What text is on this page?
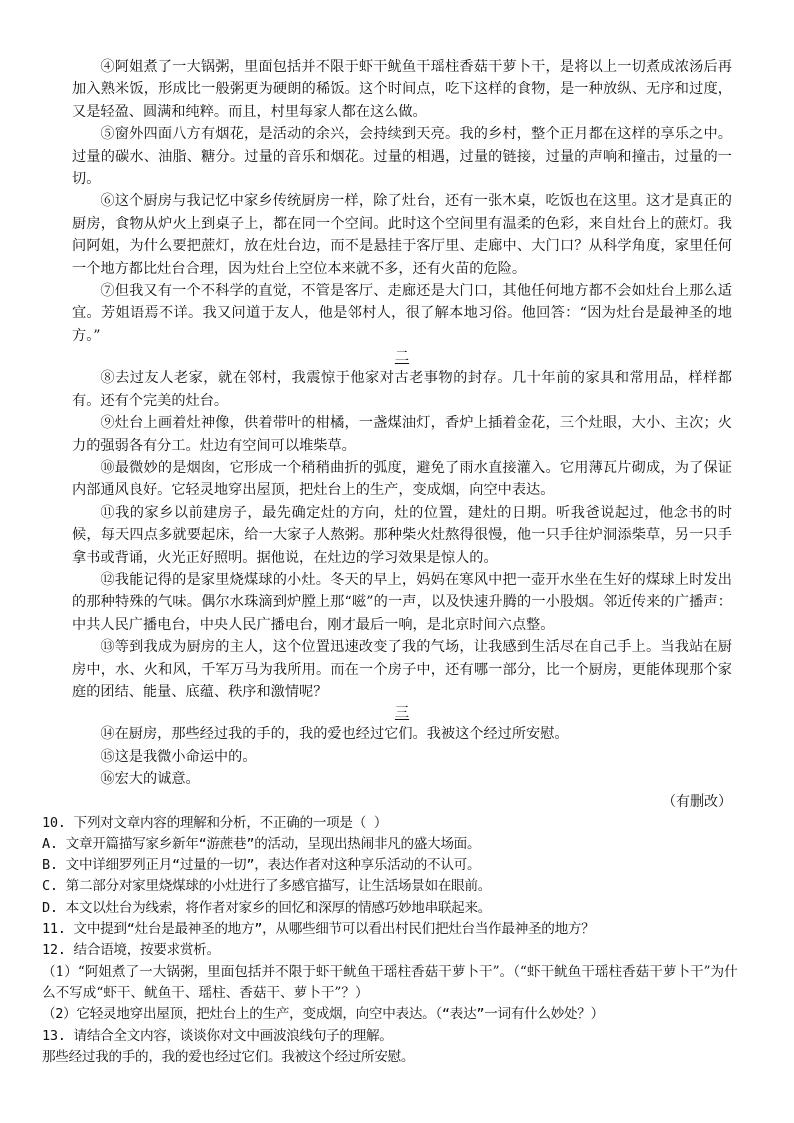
④阿姐煮了一大锅粥，里面包括并不限于虾干鱿鱼干瑶柱香菇干萝卜干，是将以上一切煮成浓汤后再加入熟米饭，形成比一般粥更为硬朗的稀饭。这个时间点，吃下这样的食物，是一种放纵、无序和过度，又是轻盈、圆满和纯粹。而且，村里每家人都在这么做。

⑤窗外四面八方有烟花，是活动的余兴，会持续到天亮。我的乡村，整个正月都在这样的享乐之中。过量的碳水、油脂、糖分。过量的音乐和烟花。过量的相遇，过量的链接，过量的声响和撞击，过量的一切。

⑥这个厨房与我记忆中家乡传统厨房一样，除了灶台，还有一张木桌，吃饭也在这里。这才是真正的厨房，食物从炉火上到桌子上，都在同一个空间。此时这个空间里有温柔的色彩，来自灶台上的蔗灯。我问阿姐，为什么要把蔗灯，放在灶台边，而不是悬挂于客厅里、走廊中、大门口？从科学角度，家里任何一个地方都比灶台合理，因为灶台上空位本来就不多，还有火苗的危险。

⑦但我又有一个不科学的直觉，不管是客厅、走廊还是大门口，其他任何地方都不会如灶台上那么适宜。芳姐语焉不详。我又问道于友人，他是邻村人，很了解本地习俗。他回答：“因为灶台是最神圣的地方。”

二

⑧去过友人老家，就在邻村，我震惊于他家对古老事物的封存。几十年前的家具和常用品，样样都有。还有个完美的灶台。

⑨灶台上画着灶神像，供着带叶的柑橘，一盏煤油灯，香炉上插着金花，三个灶眼，大小、主次；火力的强弱各有分工。灶边有空间可以堆柴草。

⑩最微妙的是烟囱，它形成一个稍稍曲折的弧度，避免了雨水直接灌入。它用薄瓦片砌成，为了保证内部通风良好。它轻灵地穿出屋顶，把灶台上的生产，变成烟，向空中表达。

⑪我的家乡以前建房子，最先确定灶的方向，灶的位置，建灶的日期。听我爸说起过，他念书的时候，每天四点多就要起床，给一大家子人熬粥。那种柴火灶熬得很慢，他一只手往炉洞添柴草，另一只手拿书或背诵，火光正好照明。据他说，在灶边的学习效果是惊人的。

⑫我能记得的是家里烧煤球的小灶。冬天的早上，妈妈在寒风中把一壶开水坐在生好的煤球上时发出的那种特殊的气味。偶尔水珠滴到炉膛上那“嗞”的一声，以及快速升腾的一小股烟。邻近传来的广播声：中共人民广播电台，中央人民广播电台，刚才最后一响，是北京时间六点整。

⑬等到我成为厨房的主人，这个位置迅速改变了我的气场，让我感到生活尽在自己手上。当我站在厨房中，水、火和风，千军万马为我所用。而在一个房子中，还有哪一部分，比一个厨房，更能体现那个家庭的团结、能量、底蕴、秩序和激情呢？

三

⑭在厨房，那些经过我的手的，我的爱也经过它们。我被这个经过所安慰。

⑮这是我微小命运中的。

⑯宏大的诚意。

（有删改）

10. 下列对文章内容的理解和分析，不正确的一项是（ ）

A. 文章开篇描写家乡新年“游蔗巷”的活动，呈现出热闹非凡的盛大场面。

B. 文中详细罗列正月“过量的一切”，表达作者对这种享乐活动的不认可。

C. 第二部分对家里烧煤球的小灶进行了多感官描写，让生活场景如在眼前。

D. 本文以灶台为线索，将作者对家乡的回忆和深厚的情感巧妙地串联起来。

11. 文中提到“灶台是最神圣的地方”，从哪些细节可以看出村民们把灶台当作最神圣的地方？

12. 结合语境，按要求赏析。

（1）“阿姐煮了一大锅粥，里面包括并不限于虾干鱿鱼干瑶柱香菇干萝卜干”。（“虾干鱿鱼干瑶柱香菇干萝卜干”为什么不写成“虾干、鱿鱼干、瑶柱、香菇干、萝卜干”？）

（2）它轻灵地穿出屋顶，把灶台上的生产，变成烟，向空中表达。（“表达”一词有什么妙处？）

13. 请结合全文内容，谈谈你对文中画波浪线句子的理解。

那些经过我的手的，我的爱也经过它们。我被这个经过所安慰。
